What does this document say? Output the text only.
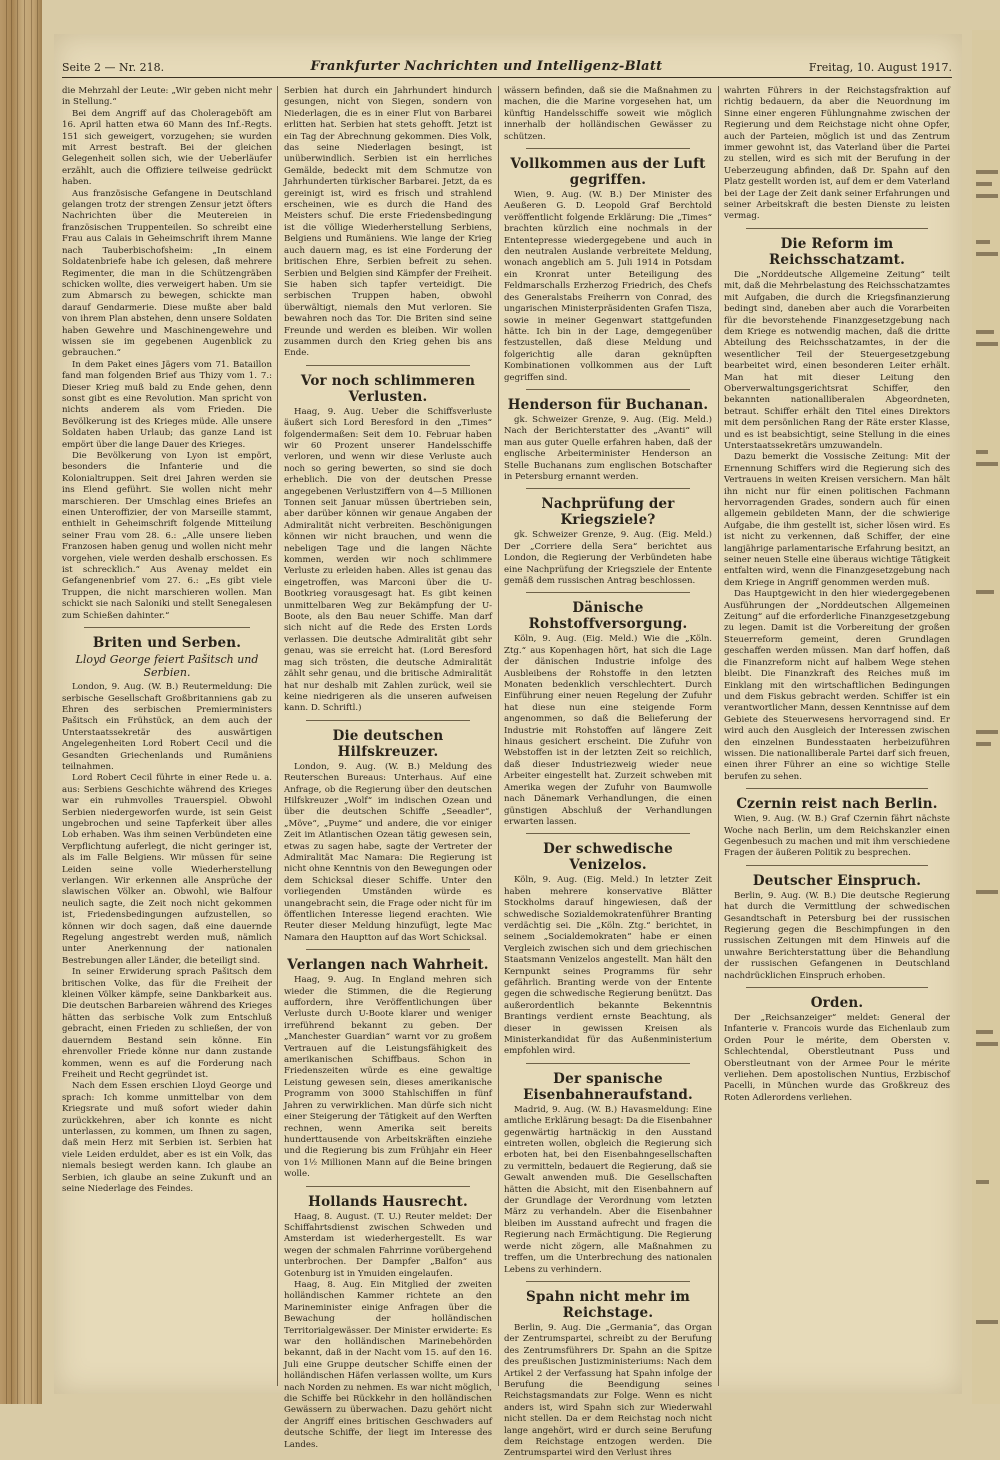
Seite 2 — Nr. 218.	Frankfurter Nachrichten und Intelligenz-Blatt	Freitag, 10. August 1917.

die Mehrzahl der Leute: „Wir geben nicht mehr in Stellung.“

Bei dem Angriff auf das Cholerageböft am 16. April hatten etwa 60 Mann des Inf.-Regts. 151 sich geweigert, vorzugehen; sie wurden mit Arrest bestraft. Bei der gleichen Gelegenheit sollen sich, wie der Ueberläufer erzählt, auch die Offiziere teilweise gedrückt haben.

Aus französische Gefangene in Deutschland gelangen trotz der strengen Zensur jetzt öfters Nachrichten über die Meutereien in französischen Truppenteilen. So schreibt eine Frau aus Calais in Geheimschrift ihrem Manne nach Tauberbischofsheim: „In einem Soldatenbriefe habe ich gelesen, daß mehrere Regimenter, die man in die Schützengräben schicken wollte, dies verweigert haben. Um sie zum Abmarsch zu bewegen, schickte man darauf Gendarmerie. Diese mußte aber bald von ihrem Plan abstehen, denn unsere Soldaten haben Gewehre und Maschinengewehre und wissen sie im gegebenen Augenblick zu gebrauchen.“

In dem Paket eines Jägers vom 71. Bataillon fand man folgenden Brief aus Thizy vom 1. 7.: Dieser Krieg muß bald zu Ende gehen, denn sonst gibt es eine Revolution. Man spricht von nichts anderem als vom Frieden. Die Bevölkerung ist des Krieges müde. Alle unsere Soldaten haben Urlaub; das ganze Land ist empört über die lange Dauer des Krieges.

Die Bevölkerung von Lyon ist empört, besonders die Infanterie und die Kolonialtruppen. Seit drei Jahren werden sie ins Elend geführt. Sie wollen nicht mehr marschieren. Der Umschlag eines Briefes an einen Unteroffizier, der von Marseille stammt, enthielt in Geheimschrift folgende Mitteilung seiner Frau vom 28. 6.: „Alle unsere lieben Franzosen haben genug und wollen nicht mehr vorgehen, viele werden deshalb erschossen. Es ist schrecklich.“ Aus Avenay meldet ein Gefangenenbrief vom 27. 6.: „Es gibt viele Truppen, die nicht marschieren wollen. Man schickt sie nach Saloniki und stellt Senegalesen zum Schießen dahinter.“

Briten und Serben.
Lloyd George feiert Pašitsch und Serbien.

London, 9. Aug. (W. B.) Reutermeldung: Die serbische Gesellschaft Großbritanniens gab zu Ehren des serbischen Premierministers Pašitsch ein Frühstück, an dem auch der Unterstaatssekretär des auswärtigen Angelegenheiten Lord Robert Cecil und die Gesandten Griechenlands und Rumäniens teilnahmen.

Lord Robert Cecil führte in einer Rede u. a. aus: Serbiens Geschichte während des Krieges war ein ruhmvolles Trauerspiel. Obwohl Serbien niedergeworfen wurde, ist sein Geist ungebrochen und seine Tapferkeit über alles Lob erhaben. Was ihm seinen Verbündeten eine Verpflichtung auferlegt, die nicht geringer ist, als im Falle Belgiens. Wir müssen für seine Leiden seine volle Wiederherstellung verlangen. Wir erkennen alle Ansprüche der slawischen Völker an. Obwohl, wie Balfour neulich sagte, die Zeit noch nicht gekommen ist, Friedensbedingungen aufzustellen, so können wir doch sagen, daß eine dauernde Regelung angestrebt werden muß, nämlich unter Anerkennung der nationalen Bestrebungen aller Länder, die beteiligt sind.

In seiner Erwiderung sprach Pašitsch dem britischen Volke, das für die Freiheit der kleinen Völker kämpfe, seine Dankbarkeit aus. Die deutschen Barbareien während des Krieges hätten das serbische Volk zum Entschluß gebracht, einen Frieden zu schließen, der von dauerndem Bestand sein könne. Ein ehrenvoller Friede könne nur dann zustande kommen, wenn es auf die Forderung nach Freiheit und Recht gegründet ist.

Nach dem Essen erschien Lloyd George und sprach: Ich komme unmittelbar von dem Kriegsrate und muß sofort wieder dahin zurückkehren, aber ich konnte es nicht unterlassen, zu kommen, um Ihnen zu sagen, daß mein Herz mit Serbien ist. Serbien hat viele Leiden erduldet, aber es ist ein Volk, das niemals besiegt werden kann. Ich glaube an Serbien, ich glaube an seine Zukunft und an seine Niederlage des Feindes.

Serbien hat durch ein Jahrhundert hindurch gesungen, nicht von Siegen, sondern von Niederlagen, die es in einer Flut von Barbarei erlitten hat. Serbien hat stets gehofft. Jetzt ist ein Tag der Abrechnung gekommen. Dies Volk, das seine Niederlagen besingt, ist unüberwindlich. Serbien ist ein herrliches Gemälde, bedeckt mit dem Schmutze von Jahrhunderten türkischer Barbarei. Jetzt, da es gereinigt ist, wird es frisch und strahlend erscheinen, wie es durch die Hand des Meisters schuf. Die erste Friedensbedingung ist die völlige Wiederherstellung Serbiens, Belgiens und Rumäniens. Wie lange der Krieg auch dauern mag, es ist eine Forderung der britischen Ehre, Serbien befreit zu sehen. Serbien und Belgien sind Kämpfer der Freiheit. Sie haben sich tapfer verteidigt. Die serbischen Truppen haben, obwohl überwältigt, niemals den Mut verloren. Sie bewahren noch das Tor. Die Briten sind seine Freunde und werden es bleiben. Wir wollen zusammen durch den Krieg gehen bis ans Ende.

Vor noch schlimmeren Verlusten.

Haag, 9. Aug. Ueber die Schiffsverluste äußert sich Lord Beresford in den „Times“ folgendermaßen: Seit dem 10. Februar haben wir 60 Prozent unserer Handelsschiffe verloren, und wenn wir diese Verluste auch noch so gering bewerten, so sind sie doch erheblich. Die von der deutschen Presse angegebenen Verlustziffern von 4—5 Millionen Tonnen seit Januar müssen übertrieben sein, aber darüber können wir genaue Angaben der Admiralität nicht verbreiten. Beschönigungen können wir nicht brauchen, und wenn die nebeligen Tage und die langen Nächte kommen, werden wir noch schlimmere Verluste zu erleiden haben. Alles ist genau das eingetroffen, was Marconi über die U-Bootkrieg vorausgesagt hat. Es gibt keinen unmittelbaren Weg zur Bekämpfung der U-Boote, als den Bau neuer Schiffe. Man darf sich nicht auf die Rede des Ersten Lords verlassen. Die deutsche Admiralität gibt sehr genau, was sie erreicht hat. (Lord Beresford mag sich trösten, die deutsche Admiralität zählt sehr genau, und die britische Admiralität hat nur deshalb mit Zahlen zurück, weil sie keine niedrigeren als die unseren aufweisen kann. D. Schriftl.)

Die deutschen Hilfskreuzer.

London, 9. Aug. (W. B.) Meldung des Reuterschen Bureaus: Unterhaus. Auf eine Anfrage, ob die Regierung über den deutschen Hilfskreuzer „Wolf“ im indischen Ozean und über die deutschen Schiffe „Seeadler“, „Möve“, „Puyme“ und andere, die vor einiger Zeit im Atlantischen Ozean tätig gewesen sein, etwas zu sagen habe, sagte der Vertreter der Admiralität Mac Namara: Die Regierung ist nicht ohne Kenntnis von den Bewegungen oder dem Schicksal dieser Schiffe. Unter den vorliegenden Umständen würde es unangebracht sein, die Frage oder nicht für im öffentlichen Interesse liegend erachten. Wie Reuter dieser Meldung hinzufügt, legte Mac Namara den Hauptton auf das Wort Schicksal.

Verlangen nach Wahrheit.

Haag, 9. Aug. In England mehren sich wieder die Stimmen, die die Regierung auffordern, ihre Veröffentlichungen über Verluste durch U-Boote klarer und weniger irreführend bekannt zu geben. Der „Manchester Guardian“ warnt vor zu großem Vertrauen auf die Leistungsfähigkeit des amerikanischen Schiffbaus. Schon in Friedenszeiten würde es eine gewaltige Leistung gewesen sein, dieses amerikanische Programm von 3000 Stahlschiffen in fünf Jahren zu verwirklichen. Man dürfe sich nicht einer Steigerung der Tätigkeit auf den Werften rechnen, wenn Amerika seit bereits hunderttausende von Arbeitskräften einziehe und die Regierung bis zum Frühjahr ein Heer von 1½ Millionen Mann auf die Beine bringen wolle.

Hollands Hausrecht.

Haag, 8. August. (T. U.) Reuter meldet: Der Schiffahrtsdienst zwischen Schweden und Amsterdam ist wiederhergestellt. Es war wegen der schmalen Fahrrinne vorübergehend unterbrochen. Der Dampfer „Balfon“ aus Gotenburg ist in Ymuiden eingelaufen.

Haag, 8. Aug. Ein Mitglied der zweiten holländischen Kammer richtete an den Marineminister einige Anfragen über die Bewachung der holländischen Territorialgewässer. Der Minister erwiderte: Es war den holländischen Marinebehörden bekannt, daß in der Nacht vom 15. auf den 16. Juli eine Gruppe deutscher Schiffe einen der holländischen Häfen verlassen wollte, um Kurs nach Norden zu nehmen. Es war nicht möglich, die Schiffe bei Rückkehr in den holländischen Gewässern zu überwachen. Dazu gehört nicht der Angriff eines britischen Geschwaders auf deutsche Schiffe, der liegt im Interesse des Landes.

wässern befinden, daß sie die Maßnahmen zu machen, die die Marine vorgesehen hat, um künftig Handelsschiffe soweit wie möglich innerhalb der holländischen Gewässer zu schützen.

Vollkommen aus der Luft gegriffen.

Wien, 9. Aug. (W. B.) Der Minister des Aeußeren G. D. Leopold Graf Berchtold veröffentlicht folgende Erklärung: Die „Times“ brachten kürzlich eine nochmals in der Ententepresse wiedergegebene und auch in den neutralen Auslande verbreitete Meldung, wonach angeblich am 5. Juli 1914 in Potsdam ein Kronrat unter Beteiligung des Feldmarschalls Erzherzog Friedrich, des Chefs des Generalstabs Freiherrn von Conrad, des ungarischen Ministerpräsidenten Grafen Tisza, sowie in meiner Gegenwart stattgefunden hätte. Ich bin in der Lage, demgegenüber festzustellen, daß diese Meldung und folgerichtig alle daran geknüpften Kombinationen vollkommen aus der Luft gegriffen sind.

Henderson für Buchanan.

gk. Schweizer Grenze, 9. Aug. (Eig. Meld.) Nach der Berichterstatter des „Avanti“ will man aus guter Quelle erfahren haben, daß der englische Arbeiterminister Henderson an Stelle Buchanans zum englischen Botschafter in Petersburg ernannt werden.

Nachprüfung der Kriegsziele?

gk. Schweizer Grenze, 9. Aug. (Eig. Meld.) Der „Corriere della Sera“ berichtet aus London, die Regierung der Verbündeten habe eine Nachprüfung der Kriegsziele der Entente gemäß dem russischen Antrag beschlossen.

Dänische Rohstoffversorgung.

Köln, 9. Aug. (Eig. Meld.) Wie die „Köln. Ztg.“ aus Kopenhagen hört, hat sich die Lage der dänischen Industrie infolge des Ausbleibens der Rohstoffe in den letzten Monaten bedenklich verschlechtert. Durch Einführung einer neuen Regelung der Zufuhr hat diese nun eine steigende Form angenommen, so daß die Belieferung der Industrie mit Rohstoffen auf längere Zeit hinaus gesichert erscheint. Die Zufuhr von Webstoffen ist in der letzten Zeit so reichlich, daß dieser Industriezweig wieder neue Arbeiter eingestellt hat. Zurzeit schweben mit Amerika wegen der Zufuhr von Baumwolle nach Dänemark Verhandlungen, die einen günstigen Abschluß der Verhandlungen erwarten lassen.

Der schwedische Venizelos.

Köln, 9. Aug. (Eig. Meld.) In letzter Zeit haben mehrere konservative Blätter Stockholms darauf hingewiesen, daß der schwedische Sozialdemokratenführer Branting verdächtig sei. Die „Köln. Ztg.“ berichtet, in seinem „Socialdemokraten“ habe er einen Vergleich zwischen sich und dem griechischen Staatsmann Venizelos angestellt. Man hält den Kernpunkt seines Programms für sehr gefährlich. Branting werde von der Entente gegen die schwedische Regierung benützt. Das außerordentlich bekannte Bekenntnis Brantings verdient ernste Beachtung, als dieser in gewissen Kreisen als Ministerkandidat für das Außenministerium empfohlen wird.

Der spanische Eisenbahneraufstand.

Madrid, 9. Aug. (W. B.) Havasmeldung: Eine amtliche Erklärung besagt: Da die Eisenbahner gegenwärtig hartnäckig in den Ausstand eintreten wollen, obgleich die Regierung sich erboten hat, bei den Eisenbahngesellschaften zu vermitteln, bedauert die Regierung, daß sie Gewalt anwenden muß. Die Gesellschaften hätten die Absicht, mit den Eisenbahnern auf der Grundlage der Verordnung vom letzten März zu verhandeln. Aber die Eisenbahner bleiben im Ausstand aufrecht und fragen die Regierung nach Ermächtigung. Die Regierung werde nicht zögern, alle Maßnahmen zu treffen, um die Unterbrechung des nationalen Lebens zu verhindern.

Spahn nicht mehr im Reichstage.

Berlin, 9. Aug. Die „Germania“, das Organ der Zentrumspartei, schreibt zu der Berufung des Zentrumsführers Dr. Spahn an die Spitze des preußischen Justizministeriums: Nach dem Artikel 2 der Verfassung hat Spahn infolge der Berufung die Beendigung seines Reichstagsmandats zur Folge. Wenn es nicht anders ist, wird Spahn sich zur Wiederwahl nicht stellen. Da er dem Reichstag noch nicht lange angehört, wird er durch seine Berufung dem Reichstage entzogen werden. Die Zentrumspartei wird den Verlust ihres

wahrten Führers in der Reichstagsfraktion auf richtig bedauern, da aber die Neuordnung im Sinne einer engeren Fühlungnahme zwischen der Regierung und dem Reichstage nicht ohne Opfer, auch der Parteien, möglich ist und das Zentrum immer gewohnt ist, das Vaterland über die Partei zu stellen, wird es sich mit der Berufung in der Ueberzeugung abfinden, daß Dr. Spahn auf den Platz gestellt worden ist, auf dem er dem Vaterland bei der Lage der Zeit dank seiner Erfahrungen und seiner Arbeitskraft die besten Dienste zu leisten vermag.

Die Reform im Reichsschatzamt.

Die „Norddeutsche Allgemeine Zeitung“ teilt mit, daß die Mehrbelastung des Reichsschatzamtes mit Aufgaben, die durch die Kriegsfinanzierung bedingt sind, daneben aber auch die Vorarbeiten für die bevorstehende Finanzgesetzgebung nach dem Kriege es notwendig machen, daß die dritte Abteilung des Reichsschatzamtes, in der die wesentlicher Teil der Steuergesetzgebung bearbeitet wird, einen besonderen Leiter erhält. Man hat mit dieser Leitung den Oberverwaltungsgerichtsrat Schiffer, den bekannten nationalliberalen Abgeordneten, betraut. Schiffer erhält den Titel eines Direktors mit dem persönlichen Rang der Räte erster Klasse, und es ist beabsichtigt, seine Stellung in die eines Unterstaatssekretärs umzuwandeln.

Dazu bemerkt die Vossische Zeitung: Mit der Ernennung Schiffers wird die Regierung sich des Vertrauens in weiten Kreisen versichern. Man hält ihn nicht nur für einen politischen Fachmann hervorragenden Grades, sondern auch für einen allgemein gebildeten Mann, der die schwierige Aufgabe, die ihm gestellt ist, sicher lösen wird. Es ist nicht zu verkennen, daß Schiffer, der eine langjährige parlamentarische Erfahrung besitzt, an seiner neuen Stelle eine überaus wichtige Tätigkeit entfalten wird, wenn die Finanzgesetzgebung nach dem Kriege in Angriff genommen werden muß.

Das Hauptgewicht in den hier wiedergegebenen Ausführungen der „Norddeutschen Allgemeinen Zeitung“ auf die erforderliche Finanzgesetzgebung zu legen. Damit ist die Vorbereitung der großen Steuerreform gemeint, deren Grundlagen geschaffen werden müssen. Man darf hoffen, daß die Finanzreform nicht auf halbem Wege stehen bleibt. Die Finanzkraft des Reiches muß im Einklang mit den wirtschaftlichen Bedingungen und dem Fiskus gebracht werden. Schiffer ist ein verantwortlicher Mann, dessen Kenntnisse auf dem Gebiete des Steuerwesens hervorragend sind. Er wird auch den Ausgleich der Interessen zwischen den einzelnen Bundesstaaten herbeizuführen wissen. Die nationalliberale Partei darf sich freuen, einen ihrer Führer an eine so wichtige Stelle berufen zu sehen.

Czernin reist nach Berlin.

Wien, 9. Aug. (W. B.) Graf Czernin fährt nächste Woche nach Berlin, um dem Reichskanzler einen Gegenbesuch zu machen und mit ihm verschiedene Fragen der äußeren Politik zu besprechen.

Deutscher Einspruch.

Berlin, 9. Aug. (W. B.) Die deutsche Regierung hat durch die Vermittlung der schwedischen Gesandtschaft in Petersburg bei der russischen Regierung gegen die Beschimpfungen in den russischen Zeitungen mit dem Hinweis auf die unwahre Berichterstattung über die Behandlung der russischen Gefangenen in Deutschland nachdrücklichen Einspruch erhoben.

Orden.

Der „Reichsanzeiger“ meldet: General der Infanterie v. Francois wurde das Eichenlaub zum Orden Pour le mérite, dem Obersten v. Schlechtendal, Oberstleutnant Puss und Oberstleutnant von der Armee Pour le mérite verliehen. Dem apostolischen Nuntius, Erzbischof Pacelli, in München wurde das Großkreuz des Roten Adlerordens verliehen.
